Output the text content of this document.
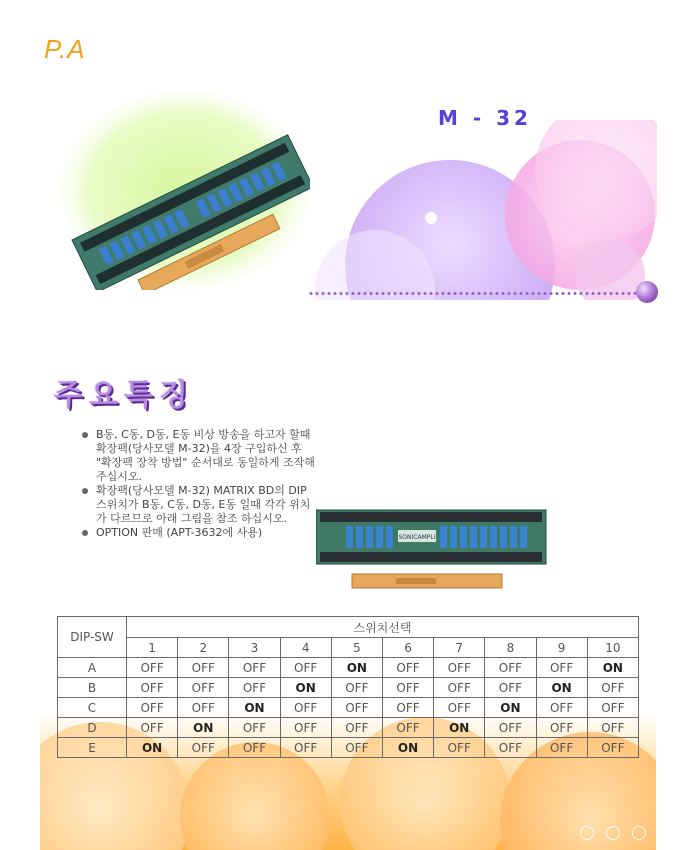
P.A
M - 32
주요특징
B동, C동, D동, E동 비상 방송을 하고자 할때 확장팩(당사모델 M-32)을 4장 구입하신 후 "확장팩 장착 방법" 순서대로 동일하게 조작해 주십시오.
확장팩(당사모델 M-32) MATRIX BD의 DIP 스위치가 B동, C동, D동, E동 일때 각각 위치가 다르므로 아래 그림을 참조 하십시오.
OPTION 판매 (APT-3632에 사용)	SONICAMPLI
DIP-SW	스위치선택									
	1	2	3	4	5	6	7	8	9	10
A	OFF	OFF	OFF	OFF	ON	OFF	OFF	OFF	OFF	ON
B	OFF	OFF	OFF	ON	OFF	OFF	OFF	OFF	ON	OFF
C	OFF	OFF	ON	OFF	OFF	OFF	OFF	ON	OFF	OFF
D	OFF	ON	OFF	OFF	OFF	OFF	ON	OFF	OFF	OFF
E	ON	OFF	OFF	OFF	OFF	ON	OFF	OFF	OFF	OFF
